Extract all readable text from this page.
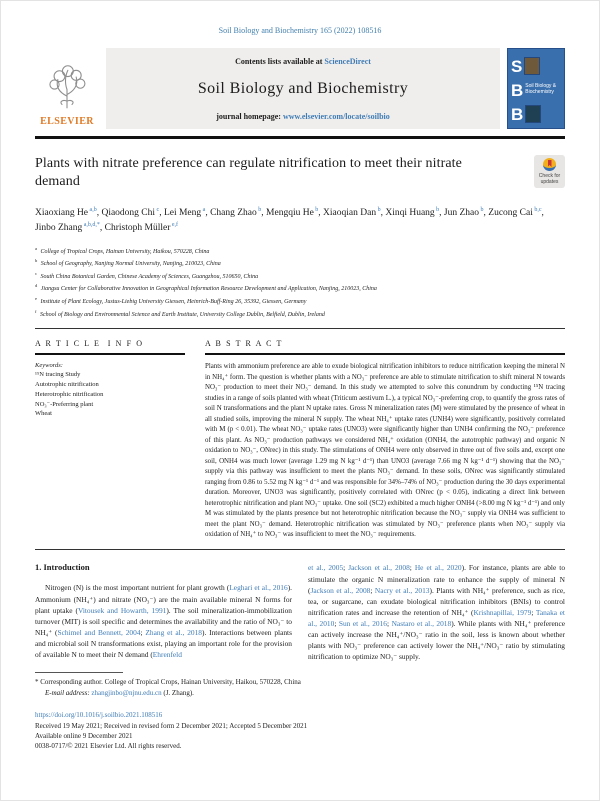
Soil Biology and Biochemistry 165 (2022) 108516
ELSEVIER
Contents lists available at ScienceDirect
Soil Biology and Biochemistry
journal homepage: www.elsevier.com/locate/soilbio
S
B Soil Biology & Biochemistry
B
Plants with nitrate preference can regulate nitrification to meet their nitrate demand	Check for updates
Xiaoxiang He $^{a,b}$, Qiaodong Chi $^c$, Lei Meng $^a$, Chang Zhao $^b$, Mengqiu He $^b$, Xiaoqian Dan $^b$, Xinqi Huang $^b$, Jun Zhao $^b$, Zucong Cai $^{b,c}$, Jinbo Zhang $^{a,b,d,*}$, Christoph Müller $^{e,f}$
$^a$ College of Tropical Crops, Hainan University, Haikou, 570228, China
$^b$ School of Geography, Nanjing Normal University, Nanjing, 210023, China
$^c$ South China Botanical Garden, Chinese Academy of Sciences, Guangzhou, 510650, China
$^d$ Jiangsu Center for Collaborative Innovation in Geographical Information Resource Development and Application, Nanjing, 210023, China
$^e$ Institute of Plant Ecology, Justus-Liebig University Giessen, Heinrich-Buff-Ring 26, 35392, Giessen, Germany
$^f$ School of Biology and Environmental Science and Earth Institute, University College Dublin, Belfield, Dublin, Ireland
A R T I C L E  I N F O
Keywords:
¹⁵N tracing Study
Autotrophic nitrification
Heterotrophic nitrification
NO₃⁻-Preferring plant
Wheat
A B S T R A C T

Plants with ammonium preference are able to exude biological nitrification inhibitors to reduce nitrification keeping the mineral N in NH₄⁺ form. The question is whether plants with a NO₃⁻ preference are able to stimulate nitrification to shift mineral N towards NO₃⁻ production to meet their NO₃⁻ demand. In this study we attempted to solve this conundrum by conducting ¹⁵N tracing studies in a range of soils planted with wheat (Triticum aestivum L.), a typical NO₃⁻-preferring crop, to quantify the gross rates of soil N transformations and the plant N uptake rates. Gross N mineralization rates (M) were stimulated by the presence of wheat in all studied soils, improving the mineral N supply. The wheat NH₄⁺ uptake rates (UNH4) were significantly, positively correlated with M (p < 0.01). The wheat NO₃⁻ uptake rates (UNO3) were significantly higher than UNH4 confirming the NO₃⁻ preference of this plant. As NO₃⁻ production pathways we considered NH₄⁺ oxidation (ONH4, the autotrophic pathway) and organic N oxidation to NO₃⁻, ONrec) in this study. The stimulations of ONH4 were only observed in three out of five soils and, except one soil, ONH4 was much lower (average 1.29 mg N kg⁻¹ d⁻¹) than UNO3 (average 7.66 mg N kg⁻¹ d⁻¹) showing that the NO₃⁻ supply via this pathway was insufficient to meet the plants NO₃⁻ demand. In these soils, ONrec was significantly stimulated ranging from 0.86 to 5.52 mg N kg⁻¹ d⁻¹ and was responsible for 34%–74% of NO₃⁻ production during the 30 days experimental duration. Moreover, UNO3 was significantly, positively correlated with ONrec (p < 0.05), indicating a direct link between heterotrophic nitrification and plant NO₃⁻ uptake. One soil (SC2) exhibited a much higher ONH4 (>8.00 mg N kg⁻¹ d⁻¹) and only M was stimulated by the plants presence but not heterotrophic nitrification because the NO₃⁻ supply via ONH4 was sufficient to meet the plant NO₃⁻ demand. Heterotrophic nitrification was stimulated by NO₃⁻ preference plants when NO₃⁻ supply via oxidation of NH₄⁺ to NO₃⁻ was insufficient to meet the NO₃⁻ requirements.

1. Introduction

Nitrogen (N) is the most important nutrient for plant growth (Leghari et al., 2016). Ammonium (NH₄⁺) and nitrate (NO₃⁻) are the main available mineral N forms for plant uptake (Vitousek and Howarth, 1991). The soil mineralization-immobilization turnover (MIT) is soil specific and determines the availability and the ratio of NO₃⁻ to NH₄⁺ (Schimel and Bennett, 2004; Zhang et al., 2018). Interactions between plants and microbial soil N transformations exist, playing an important role for the provision of available N to meet their N demand (Ehrenfeld

et al., 2005; Jackson et al., 2008; He et al., 2020). For instance, plants are able to stimulate the organic N mineralization rate to enhance the supply of mineral N (Jackson et al., 2008; Nacry et al., 2013). Plants with NH₄⁺ preference, such as rice, tea, or sugarcane, can exudate biological nitrification inhibitors (BNIs) to control nitrification rates and increase the retention of NH₄⁺ (Krishnapillai, 1979; Tanaka et al., 2010; Sun et al., 2016; Nastaro et al., 2018). While plants with NH₄⁺ preference can actively increase the NH₄⁺/NO₃⁻ ratio in the soil, less is known about whether plants with NO₃⁻ preference can actively lower the NH₄⁺/NO₃⁻ ratio by stimulating nitrification to optimize NO₃⁻ supply.

* Corresponding author. College of Tropical Crops, Hainan University, Haikou, 570228, China
E-mail address: zhangjinbo@njnu.edu.cn (J. Zhang).
https://doi.org/10.1016/j.soilbio.2021.108516
Received 19 May 2021; Received in revised form 2 December 2021; Accepted 5 December 2021
Available online 9 December 2021
0038-0717/© 2021 Elsevier Ltd. All rights reserved.
